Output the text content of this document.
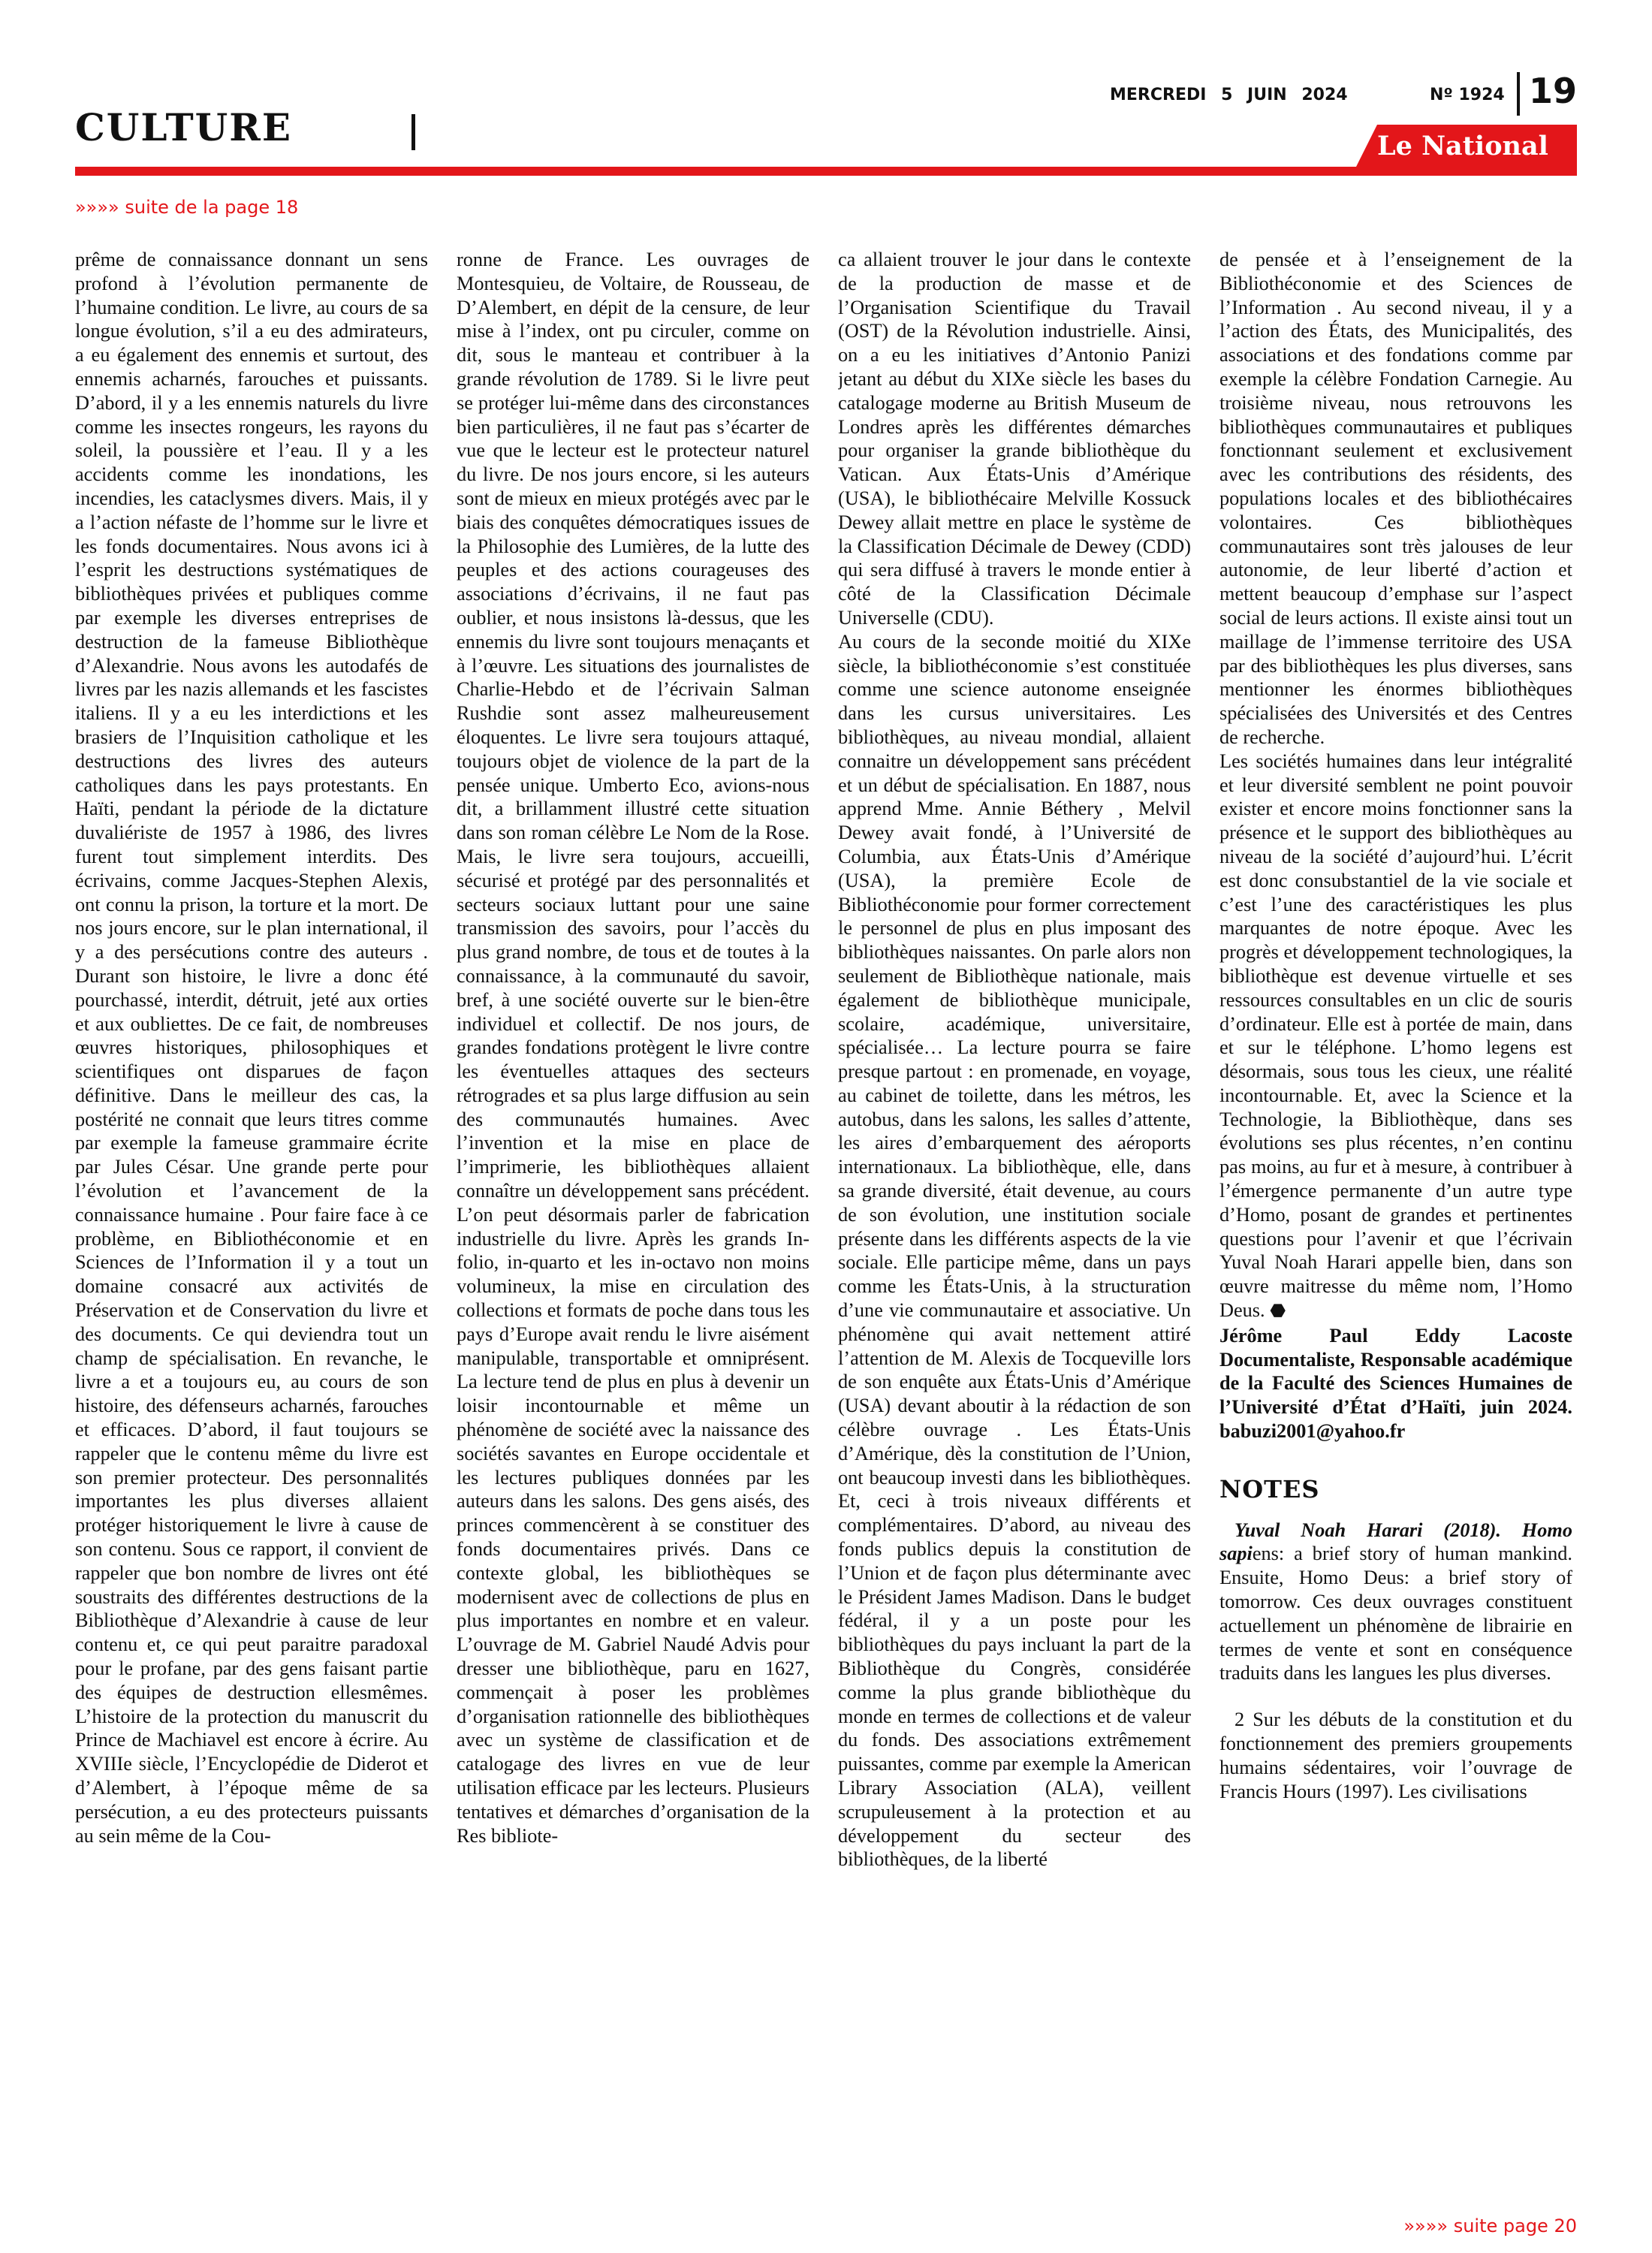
CULTURE
MERCREDI 5 JUIN 2024	Nº 1924 19
Le National
»»»» suite de la page 18

prême de connaissance donnant un sens profond à l’évolution permanente de l’humaine condition. Le livre, au cours de sa longue évolution, s’il a eu des admirateurs, a eu également des ennemis et surtout, des ennemis acharnés, farouches et puissants. D’abord, il y a les ennemis naturels du livre comme les insectes rongeurs, les rayons du soleil, la poussière et l’eau. Il y a les accidents comme les inondations, les incendies, les cataclysmes divers. Mais, il y a l’action néfaste de l’homme sur le livre et les fonds documentaires. Nous avons ici à l’esprit les destructions systématiques de bibliothèques privées et publiques comme par exemple les diverses entreprises de destruction de la fameuse Bibliothèque d’Alexandrie. Nous avons les autodafés de livres par les nazis allemands et les fascistes italiens. Il y a eu les interdictions et les brasiers de l’Inquisition catholique et les destructions des livres des auteurs catholiques dans les pays protestants. En Haïti, pendant la période de la dictature duvaliériste de 1957 à 1986, des livres furent tout simplement interdits. Des écrivains, comme Jacques-Stephen Alexis, ont connu la prison, la torture et la mort. De nos jours encore, sur le plan international, il y a des persécutions contre des auteurs . Durant son histoire, le livre a donc été pourchassé, interdit, détruit, jeté aux orties et aux oubliettes. De ce fait, de nombreuses œuvres historiques, philosophiques et scientifiques ont disparues de façon définitive. Dans le meilleur des cas, la postérité ne connait que leurs titres comme par exemple la fameuse grammaire écrite par Jules César. Une grande perte pour l’évolution et l’avancement de la connaissance humaine . Pour faire face à ce problème, en Bibliothéconomie et en Sciences de l’Information il y a tout un domaine consacré aux activités de Préservation et de Conservation du livre et des documents. Ce qui deviendra tout un champ de spécialisation. En revanche, le livre a et a toujours eu, au cours de son histoire, des défenseurs acharnés, farouches et efficaces. D’abord, il faut toujours se rappeler que le contenu même du livre est son premier protecteur. Des personnalités importantes les plus diverses allaient protéger historiquement le livre à cause de son contenu. Sous ce rapport, il convient de rappeler que bon nombre de livres ont été soustraits des différentes destructions de la Bibliothèque d’Alexandrie à cause de leur contenu et, ce qui peut paraitre paradoxal pour le profane, par des gens faisant partie des équipes de destruction ellesmêmes. L’histoire de la protection du manuscrit du Prince de Machiavel est encore à écrire. Au XVIIIe siècle, l’Encyclopédie de Diderot et d’Alembert, à l’époque même de sa persécution, a eu des protecteurs puissants au sein même de la Cou-

ronne de France. Les ouvrages de Montesquieu, de Voltaire, de Rousseau, de D’Alembert, en dépit de la censure, de leur mise à l’index, ont pu circuler, comme on dit, sous le manteau et contribuer à la grande révolution de 1789. Si le livre peut se protéger lui-même dans des circonstances bien particulières, il ne faut pas s’écarter de vue que le lecteur est le protecteur naturel du livre. De nos jours encore, si les auteurs sont de mieux en mieux protégés avec par le biais des conquêtes démocratiques issues de la Philosophie des Lumières, de la lutte des peuples et des actions courageuses des associations d’écrivains, il ne faut pas oublier, et nous insistons là-dessus, que les ennemis du livre sont toujours menaçants et à l’œuvre. Les situations des journalistes de Charlie-Hebdo et de l’écrivain Salman Rushdie sont assez malheureusement éloquentes. Le livre sera toujours attaqué, toujours objet de violence de la part de la pensée unique. Umberto Eco, avions-nous dit, a brillamment illustré cette situation dans son roman célèbre Le Nom de la Rose. Mais, le livre sera toujours, accueilli, sécurisé et protégé par des personnalités et secteurs sociaux luttant pour une saine transmission des savoirs, pour l’accès du plus grand nombre, de tous et de toutes à la connaissance, à la communauté du savoir, bref, à une société ouverte sur le bien-être individuel et collectif. De nos jours, de grandes fondations protègent le livre contre les éventuelles attaques des secteurs rétrogrades et sa plus large diffusion au sein des communautés humaines. Avec l’invention et la mise en place de l’imprimerie, les bibliothèques allaient connaître un développement sans précédent. L’on peut désormais parler de fabrication industrielle du livre. Après les grands In-folio, in-quarto et les in-octavo non moins volumineux, la mise en circulation des collections et formats de poche dans tous les pays d’Europe avait rendu le livre aisément manipulable, transportable et omniprésent. La lecture tend de plus en plus à devenir un loisir incontournable et même un phénomène de société avec la naissance des sociétés savantes en Europe occidentale et les lectures publiques données par les auteurs dans les salons. Des gens aisés, des princes commencèrent à se constituer des fonds documentaires privés. Dans ce contexte global, les bibliothèques se modernisent avec de collections de plus en plus importantes en nombre et en valeur. L’ouvrage de M. Gabriel Naudé Advis pour dresser une bibliothèque, paru en 1627, commençait à poser les problèmes d’organisation rationnelle des bibliothèques avec un système de classification et de catalogage des livres en vue de leur utilisation efficace par les lecteurs. Plusieurs tentatives et démarches d’organisation de la Res bibliote-

ca allaient trouver le jour dans le contexte de la production de masse et de l’Organisation Scientifique du Travail (OST) de la Révolution industrielle. Ainsi, on a eu les initiatives d’Antonio Panizi jetant au début du XIXe siècle les bases du catalogage moderne au British Museum de Londres après les différentes démarches pour organiser la grande bibliothèque du Vatican. Aux États-Unis d’Amérique (USA), le bibliothécaire Melville Kossuck Dewey allait mettre en place le système de la Classification Décimale de Dewey (CDD) qui sera diffusé à travers le monde entier à côté de la Classification Décimale Universelle (CDU).

Au cours de la seconde moitié du XIXe siècle, la bibliothéconomie s’est constituée comme une science autonome enseignée dans les cursus universitaires. Les bibliothèques, au niveau mondial, allaient connaitre un développement sans précédent et un début de spécialisation. En 1887, nous apprend Mme. Annie Béthery , Melvil Dewey avait fondé, à l’Université de Columbia, aux États-Unis d’Amérique (USA), la première Ecole de Bibliothéconomie pour former correctement le personnel de plus en plus imposant des bibliothèques naissantes. On parle alors non seulement de Bibliothèque nationale, mais également de bibliothèque municipale, scolaire, académique, universitaire, spécialisée… La lecture pourra se faire presque partout : en promenade, en voyage, au cabinet de toilette, dans les métros, les autobus, dans les salons, les salles d’attente, les aires d’embarquement des aéroports internationaux. La bibliothèque, elle, dans sa grande diversité, était devenue, au cours de son évolution, une institution sociale présente dans les différents aspects de la vie sociale. Elle participe même, dans un pays comme les États-Unis, à la structuration d’une vie communautaire et associative. Un phénomène qui avait nettement attiré l’attention de M. Alexis de Tocqueville lors de son enquête aux États-Unis d’Amérique (USA) devant aboutir à la rédaction de son célèbre ouvrage . Les États-Unis d’Amérique, dès la constitution de l’Union, ont beaucoup investi dans les bibliothèques. Et, ceci à trois niveaux différents et complémentaires. D’abord, au niveau des fonds publics depuis la constitution de l’Union et de façon plus déterminante avec le Président James Madison. Dans le budget fédéral, il y a un poste pour les bibliothèques du pays incluant la part de la Bibliothèque du Congrès, considérée comme la plus grande bibliothèque du monde en termes de collections et de valeur du fonds. Des associations extrêmement puissantes, comme par exemple la American Library Association (ALA), veillent scrupuleusement à la protection et au développement du secteur des bibliothèques, de la liberté

de pensée et à l’enseignement de la Bibliothéconomie et des Sciences de l’Information . Au second niveau, il y a l’action des États, des Municipalités, des associations et des fondations comme par exemple la célèbre Fondation Carnegie. Au troisième niveau, nous retrouvons les bibliothèques communautaires et publiques fonctionnant seulement et exclusivement avec les contributions des résidents, des populations locales et des bibliothécaires volontaires. Ces bibliothèques communautaires sont très jalouses de leur autonomie, de leur liberté d’action et mettent beaucoup d’emphase sur l’aspect social de leurs actions. Il existe ainsi tout un maillage de l’immense territoire des USA par des bibliothèques les plus diverses, sans mentionner les énormes bibliothèques spécialisées des Universités et des Centres de recherche.

Les sociétés humaines dans leur intégralité et leur diversité semblent ne point pouvoir exister et encore moins fonctionner sans la présence et le support des bibliothèques au niveau de la société d’aujourd’hui. L’écrit est donc consubstantiel de la vie sociale et c’est l’une des caractéristiques les plus marquantes de notre époque. Avec les progrès et développement technologiques, la bibliothèque est devenue virtuelle et ses ressources consultables en un clic de souris d’ordinateur. Elle est à portée de main, dans et sur le téléphone. L’homo legens est désormais, sous tous les cieux, une réalité incontournable. Et, avec la Science et la Technologie, la Bibliothèque, dans ses évolutions ses plus récentes, n’en continu pas moins, au fur et à mesure, à contribuer à l’émergence permanente d’un autre type d’Homo, posant de grandes et pertinentes questions pour l’avenir et que l’écrivain Yuval Noah Harari appelle bien, dans son œuvre maitresse du même nom, l’Homo Deus. ⬣

Jérôme Paul Eddy Lacoste Documentaliste, Responsable académique de la Faculté des Sciences Humaines de l’Université d’État d’Haïti, juin 2024. babuzi2001@yahoo.fr

NOTES

Yuval Noah Harari (2018). Homo sapiens: a brief story of human mankind. Ensuite, Homo Deus: a brief story of tomorrow. Ces deux ouvrages constituent actuellement un phénomène de librairie en termes de vente et sont en conséquence traduits dans les langues les plus diverses.

2 Sur les débuts de la constitution et du fonctionnement des premiers groupements humains sédentaires, voir l’ouvrage de Francis Hours (1997). Les civilisations

»»»» suite page 20
